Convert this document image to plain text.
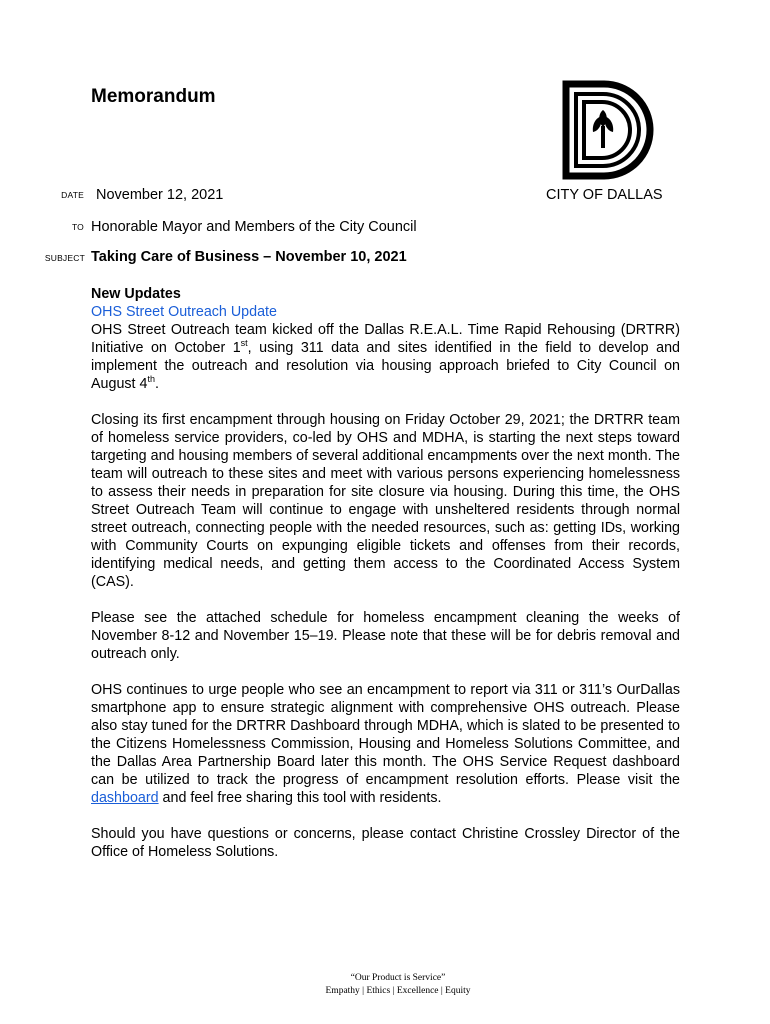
Memorandum
DATE November 12, 2021	CITY OF DALLAS
TO Honorable Mayor and Members of the City Council
SUBJECT Taking Care of Business – November 10, 2021

New Updates
OHS Street Outreach Update
OHS Street Outreach team kicked off the Dallas R.E.A.L. Time Rapid Rehousing (DRTRR) Initiative on October 1st, using 311 data and sites identified in the field to develop and implement the outreach and resolution via housing approach briefed to City Council on August 4th.

Closing its first encampment through housing on Friday October 29, 2021; the DRTRR team of homeless service providers, co-led by OHS and MDHA, is starting the next steps toward targeting and housing members of several additional encampments over the next month. The team will outreach to these sites and meet with various persons experiencing homelessness to assess their needs in preparation for site closure via housing. During this time, the OHS Street Outreach Team will continue to engage with unsheltered residents through normal street outreach, connecting people with the needed resources, such as: getting IDs, working with Community Courts on expunging eligible tickets and offenses from their records, identifying medical needs, and getting them access to the Coordinated Access System (CAS).

Please see the attached schedule for homeless encampment cleaning the weeks of November 8-12 and November 15–19. Please note that these will be for debris removal and outreach only.

OHS continues to urge people who see an encampment to report via 311 or 311’s OurDallas smartphone app to ensure strategic alignment with comprehensive OHS outreach. Please also stay tuned for the DRTRR Dashboard through MDHA, which is slated to be presented to the Citizens Homelessness Commission, Housing and Homeless Solutions Committee, and the Dallas Area Partnership Board later this month. The OHS Service Request dashboard can be utilized to track the progress of encampment resolution efforts. Please visit the dashboard and feel free sharing this tool with residents.

Should you have questions or concerns, please contact Christine Crossley Director of the Office of Homeless Solutions.

“Our Product is Service”
Empathy | Ethics | Excellence | Equity
